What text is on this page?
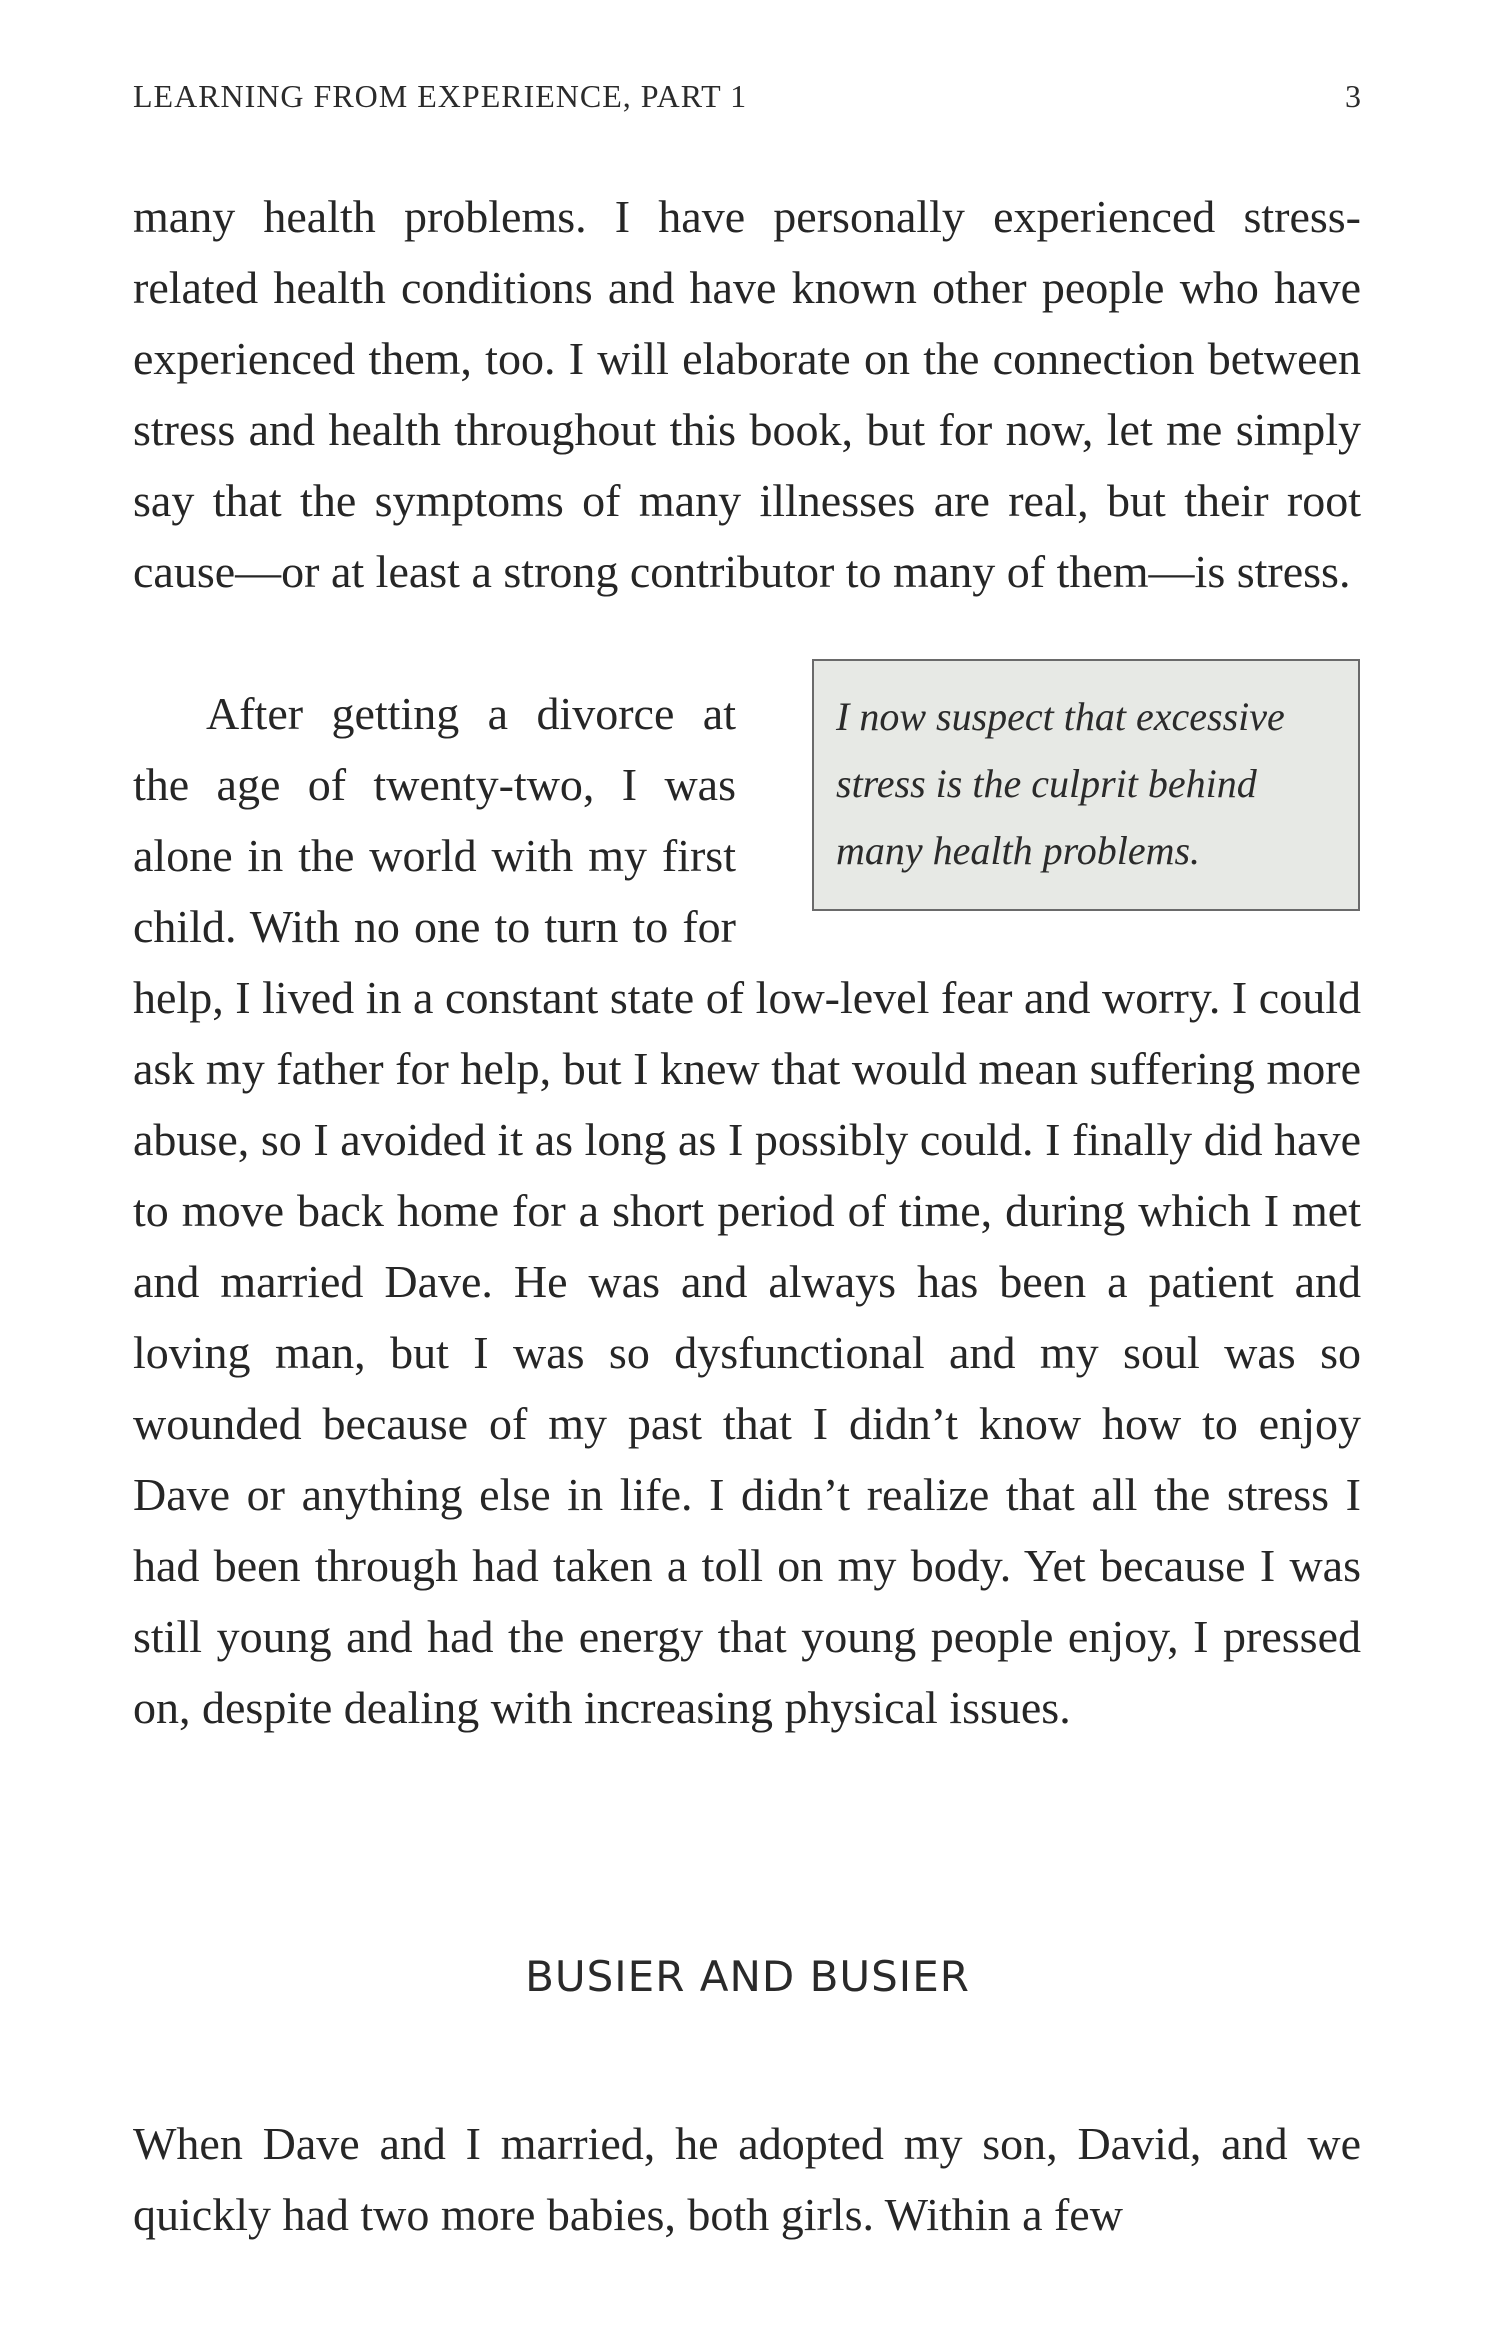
LEARNING FROM EXPERIENCE, PART 1	3

many health problems. I have personally experienced stress-related health conditions and have known other people who have experienced them, too. I will elaborate on the connection between stress and health throughout this book, but for now, let me simply say that the symptoms of many illnesses are real, but their root cause—or at least a strong contributor to many of them—is stress.

After getting a divorce at the age of twenty-two, I was alone in the world with my first child. With no one to turn to for help, I lived in a constant state of low-level fear and worry. I could ask my father for help, but I knew that would mean suffering more abuse, so I avoided it as long as I possibly could. I finally did have to move back home for a short period of time, during which I met and married Dave. He was and always has been a patient and loving man, but I was so dysfunctional and my soul was so wounded because of my past that I didn’t know how to enjoy Dave or anything else in life. I didn’t realize that all the stress I had been through had taken a toll on my body. Yet because I was still young and had the energy that young people enjoy, I pressed on, despite dealing with increasing physical issues.

I now suspect that excessive stress is the culprit behind many health problems.
BUSIER AND BUSIER

When Dave and I married, he adopted my son, David, and we quickly had two more babies, both girls. Within a few
